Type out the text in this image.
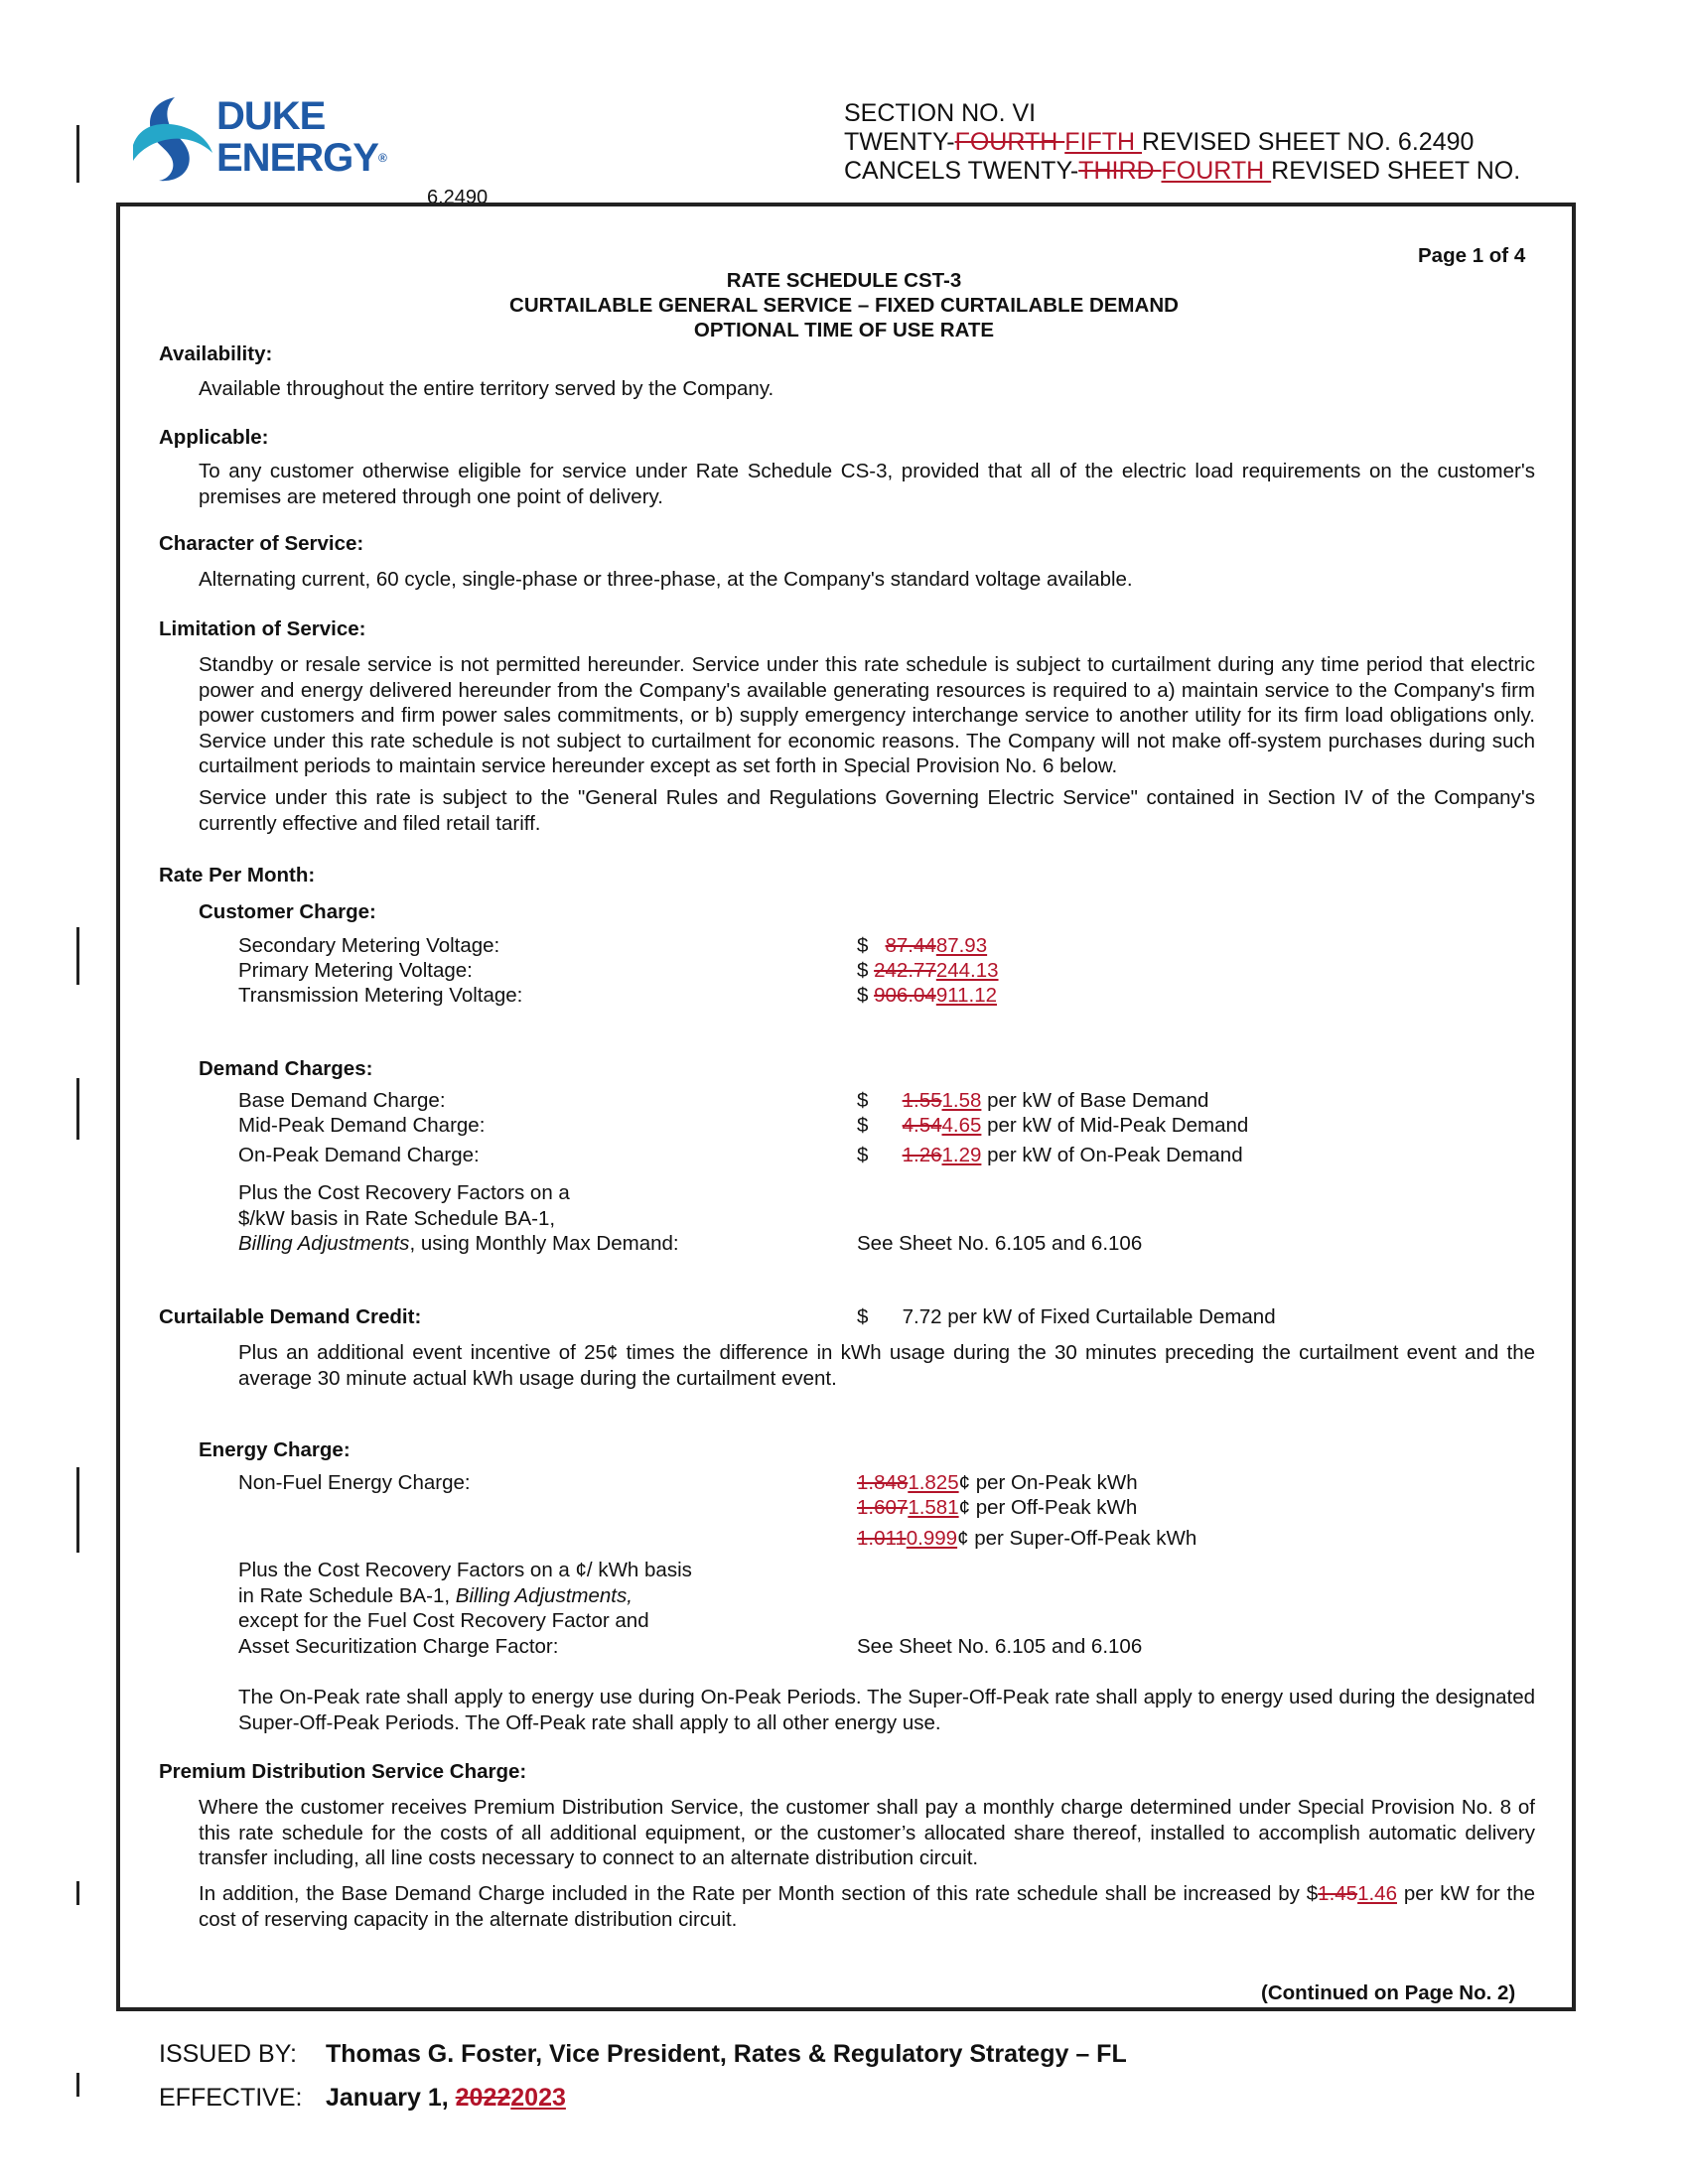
DUKE
ENERGY®
6.2490
SECTION NO. VI
TWENTY-FOURTH FIFTH REVISED SHEET NO. 6.2490
CANCELS TWENTY-THIRD FOURTH REVISED SHEET NO.
Page 1 of 4
RATE SCHEDULE CST-3
CURTAILABLE GENERAL SERVICE – FIXED CURTAILABLE DEMAND
OPTIONAL TIME OF USE RATE
Availability:
Available throughout the entire territory served by the Company.
Applicable:
To any customer otherwise eligible for service under Rate Schedule CS-3, provided that all of the electric load requirements on the customer's premises are metered through one point of delivery.
Character of Service:
Alternating current, 60 cycle, single-phase or three-phase, at the Company's standard voltage available.
Limitation of Service:
Standby or resale service is not permitted hereunder. Service under this rate schedule is subject to curtailment during any time period that electric power and energy delivered hereunder from the Company's available generating resources is required to a) maintain service to the Company's firm power customers and firm power sales commitments, or b) supply emergency interchange service to another utility for its firm load obligations only. Service under this rate schedule is not subject to curtailment for economic reasons. The Company will not make off-system purchases during such curtailment periods to maintain service hereunder except as set forth in Special Provision No. 6 below.
Service under this rate is subject to the "General Rules and Regulations Governing Electric Service" contained in Section IV of the Company's currently effective and filed retail tariff.
Rate Per Month:
Customer Charge:
Secondary Metering Voltage:	$ 87.4487.93
Primary Metering Voltage:	$ 242.77244.13
Transmission Metering Voltage:	$ 906.04911.12
Demand Charges:
Base Demand Charge:	$ 1.551.58 per kW of Base Demand
Mid-Peak Demand Charge:	$ 4.544.65 per kW of Mid-Peak Demand
On-Peak Demand Charge:	$ 1.261.29 per kW of On-Peak Demand
Plus the Cost Recovery Factors on a
$/kW basis in Rate Schedule BA-1,
Billing Adjustments, using Monthly Max Demand:	See Sheet No. 6.105 and 6.106
Curtailable Demand Credit:	$ 7.72 per kW of Fixed Curtailable Demand
Plus an additional event incentive of 25¢ times the difference in kWh usage during the 30 minutes preceding the curtailment event and the average 30 minute actual kWh usage during the curtailment event.
Energy Charge:
Non-Fuel Energy Charge:	1.8481.825¢ per On-Peak kWh
1.6071.581¢ per Off-Peak kWh
1.0110.999¢ per Super-Off-Peak kWh
Plus the Cost Recovery Factors on a ¢/ kWh basis
in Rate Schedule BA-1, Billing Adjustments,
except for the Fuel Cost Recovery Factor and
Asset Securitization Charge Factor:	See Sheet No. 6.105 and 6.106
The On-Peak rate shall apply to energy use during On-Peak Periods. The Super-Off-Peak rate shall apply to energy used during the designated Super-Off-Peak Periods. The Off-Peak rate shall apply to all other energy use.
Premium Distribution Service Charge:
Where the customer receives Premium Distribution Service, the customer shall pay a monthly charge determined under Special Provision No. 8 of this rate schedule for the costs of all additional equipment, or the customer’s allocated share thereof, installed to accomplish automatic delivery transfer including, all line costs necessary to connect to an alternate distribution circuit.
In addition, the Base Demand Charge included in the Rate per Month section of this rate schedule shall be increased by $1.451.46 per kW for the cost of reserving capacity in the alternate distribution circuit.
(Continued on Page No. 2)
ISSUED BY: Thomas G. Foster, Vice President, Rates & Regulatory Strategy – FL
EFFECTIVE: January 1, 20222023
